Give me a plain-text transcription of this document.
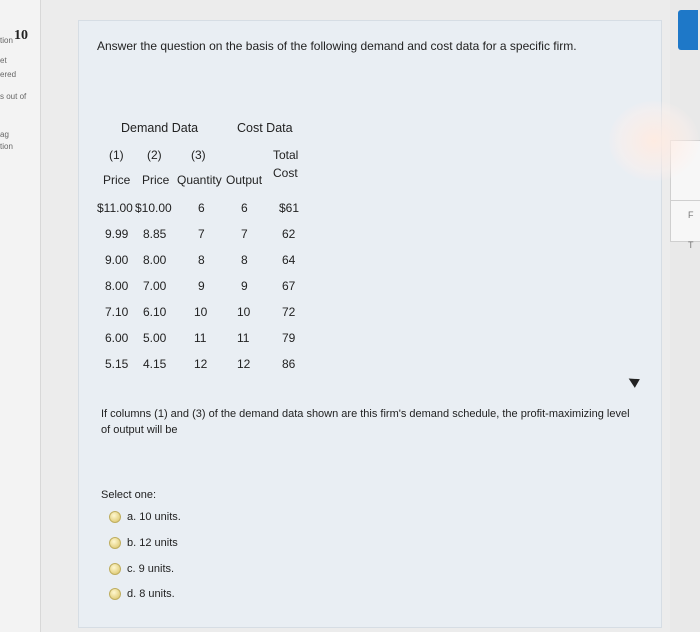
tion 10
et
ered
s out of
ag
tion
F
T
Answer the question on the basis of the following demand and cost data for a specific firm.
Demand Data	Cost Data
(1) (2) (3)	Total
Price Price Quantity Output Cost
$11.00 $10.00 6	6	$61
9.99 8.85	7	7	62
9.00 8.00	8	8	64
8.00 7.00	9	9	67
7.10 6.10 10 10	72
6.00 5.00 11	11	79
5.15 4.15 12 12	86
If columns (1) and (3) of the demand data shown are this firm's demand schedule, the profit-maximizing level of output will be
Select one:
a. 10 units.
b. 12 units
c. 9 units.
d. 8 units.
